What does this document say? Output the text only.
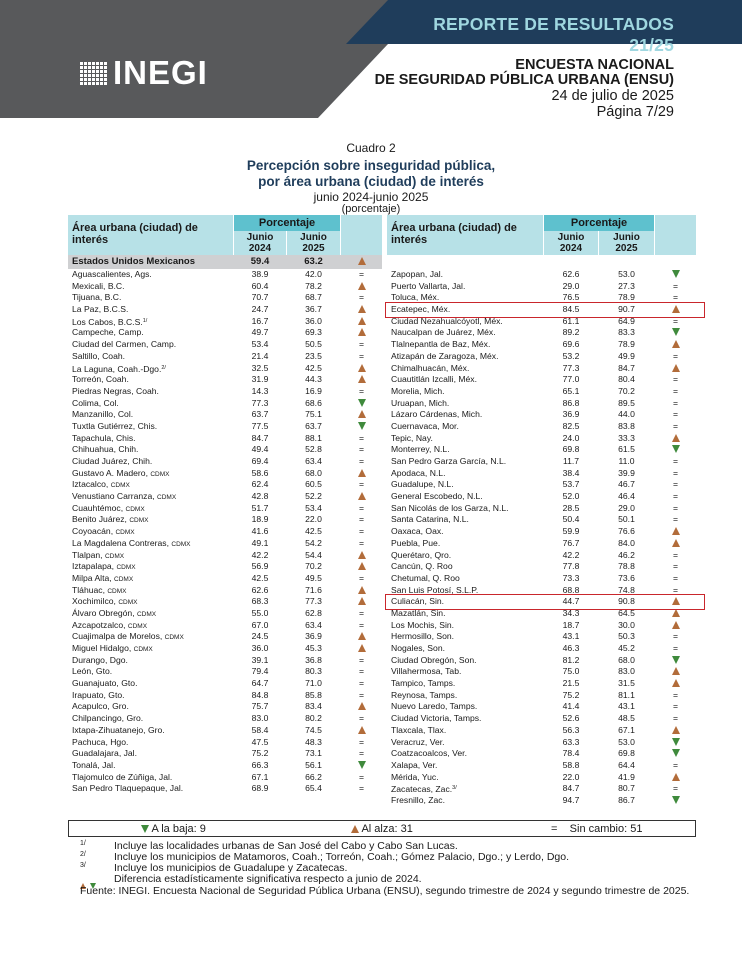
REPORTE DE RESULTADOS 21/25
INEGI	ENCUESTA NACIONAL
DE SEGURIDAD PÚBLICA URBANA (ENSU)
24 de julio de 2025
Página 7/29
Cuadro 2
Percepción sobre inseguridad pública,
por área urbana (ciudad) de interés
junio 2024-junio 2025
(porcentaje)
Área urbana (ciudad) de interés
Porcentaje
Junio
2024
Junio
2025
Estados Unidos Mexicanos	59.4	63.2
Aguascalientes, Ags.	38.9	42.0	=
Mexicali, B.C.	60.4	78.2
Tijuana, B.C.	70.7	68.7	=
La Paz, B.C.S.	24.7	36.7
Los Cabos, B.C.S.$^{1/}$	16.7	36.0
Campeche, Camp.	49.7	69.3
Ciudad del Carmen, Camp.	53.4	50.5	=
Saltillo, Coah.	21.4	23.5	=
La Laguna, Coah.-Dgo.$^{2/}$	32.5	42.5
Torreón, Coah.	31.9	44.3
Piedras Negras, Coah.	14.3	16.9	=
Colima, Col.	77.3	68.6
Manzanillo, Col.	63.7	75.1
Tuxtla Gutiérrez, Chis.	77.5	63.7
Tapachula, Chis.	84.7	88.1	=
Chihuahua, Chih.	49.4	52.8	=
Ciudad Juárez, Chih.	69.4	63.4	=
Gustavo A. Madero, CDMX	58.6	68.0
Iztacalco, CDMX	62.4	60.5	=
Venustiano Carranza, CDMX	42.8	52.2
Cuauhtémoc, CDMX	51.7	53.4	=
Benito Juárez, CDMX	18.9	22.0	=
Coyoacán, CDMX	41.6	42.5	=
La Magdalena Contreras, CDMX	49.1	54.2	=
Tlalpan, CDMX	42.2	54.4
Iztapalapa, CDMX	56.9	70.2
Milpa Alta, CDMX	42.5	49.5	=
Tláhuac, CDMX	62.6	71.6
Xochimilco, CDMX	68.3	77.3
Álvaro Obregón, CDMX	55.0	62.8	=
Azcapotzalco, CDMX	67.0	63.4	=
Cuajimalpa de Morelos, CDMX	24.5	36.9
Miguel Hidalgo, CDMX	36.0	45.3
Durango, Dgo.	39.1	36.8	=
León, Gto.	79.4	80.3	=
Guanajuato, Gto.	64.7	71.0	=
Irapuato, Gto.	84.8	85.8	=
Acapulco, Gro.	75.7	83.4
Chilpancingo, Gro.	83.0	80.2	=
Ixtapa-Zihuatanejo, Gro.	58.4	74.5
Pachuca, Hgo.	47.5	48.3	=
Guadalajara, Jal.	75.2	73.1	=
Tonalá, Jal.	66.3	56.1
Tlajomulco de Zúñiga, Jal.	67.1	66.2	=
San Pedro Tlaquepaque, Jal.	68.9	65.4	=
Área urbana (ciudad) de interés
Porcentaje
Junio
2024
Junio
2025
Zapopan, Jal.	62.6	53.0
Puerto Vallarta, Jal.	29.0	27.3	=
Toluca, Méx.	76.5	78.9	=
Ecatepec, Méx.	84.5	90.7
Ciudad Nezahualcóyotl, Méx.	61.1	64.9	=
Naucalpan de Juárez, Méx.	89.2	83.3
Tlalnepantla de Baz, Méx.	69.6	78.9
Atizapán de Zaragoza, Méx.	53.2	49.9	=
Chimalhuacán, Méx.	77.3	84.7
Cuautitlán Izcalli, Méx.	77.0	80.4	=
Morelia, Mich.	65.1	70.2	=
Uruapan, Mich.	86.8	89.5	=
Lázaro Cárdenas, Mich.	36.9	44.0	=
Cuernavaca, Mor.	82.5	83.8	=
Tepic, Nay.	24.0	33.3
Monterrey, N.L.	69.8	61.5
San Pedro Garza García, N.L.	11.7	11.0	=
Apodaca, N.L.	38.4	39.9	=
Guadalupe, N.L.	53.7	46.7	=
General Escobedo, N.L.	52.0	46.4	=
San Nicolás de los Garza, N.L.	28.5	29.0	=
Santa Catarina, N.L.	50.4	50.1	=
Oaxaca, Oax.	59.9	76.6
Puebla, Pue.	76.7	84.0
Querétaro, Qro.	42.2	46.2	=
Cancún, Q. Roo	77.8	78.8	=
Chetumal, Q. Roo	73.3	73.6	=
San Luis Potosí, S.L.P.	68.8	74.8	=
Culiacán, Sin.	44.7	90.8
Mazatlán, Sin.	34.3	64.5
Los Mochis, Sin.	18.7	30.0
Hermosillo, Son.	43.1	50.3	=
Nogales, Son.	46.3	45.2	=
Ciudad Obregón, Son.	81.2	68.0
Villahermosa, Tab.	75.0	83.0
Tampico, Tamps.	21.5	31.5
Reynosa, Tamps.	75.2	81.1	=
Nuevo Laredo, Tamps.	41.4	43.1	=
Ciudad Victoria, Tamps.	52.6	48.5	=
Tlaxcala, Tlax.	56.3	67.1
Veracruz, Ver.	63.3	53.0
Coatzacoalcos, Ver.	78.4	69.8
Xalapa, Ver.	58.8	64.4	=
Mérida, Yuc.	22.0	41.9
Zacatecas, Zac.$^{3/}$	84.7	80.7	=
Fresnillo, Zac.	94.7	86.7
A la baja: 9	Al alza: 31	= Sin cambio: 51
1/	Incluye las localidades urbanas de San José del Cabo y Cabo San Lucas.
2/	Incluye los municipios de Matamoros, Coah.; Torreón, Coah.; Gómez Palacio, Dgo.; y Lerdo, Dgo.
3/	Incluye los municipios de Guadalupe y Zacatecas.

Diferencia estadísticamente significativa respecto a junio de 2024.
Fuente: INEGI. Encuesta Nacional de Seguridad Pública Urbana (ENSU), segundo trimestre de 2024 y segundo trimestre de 2025.
